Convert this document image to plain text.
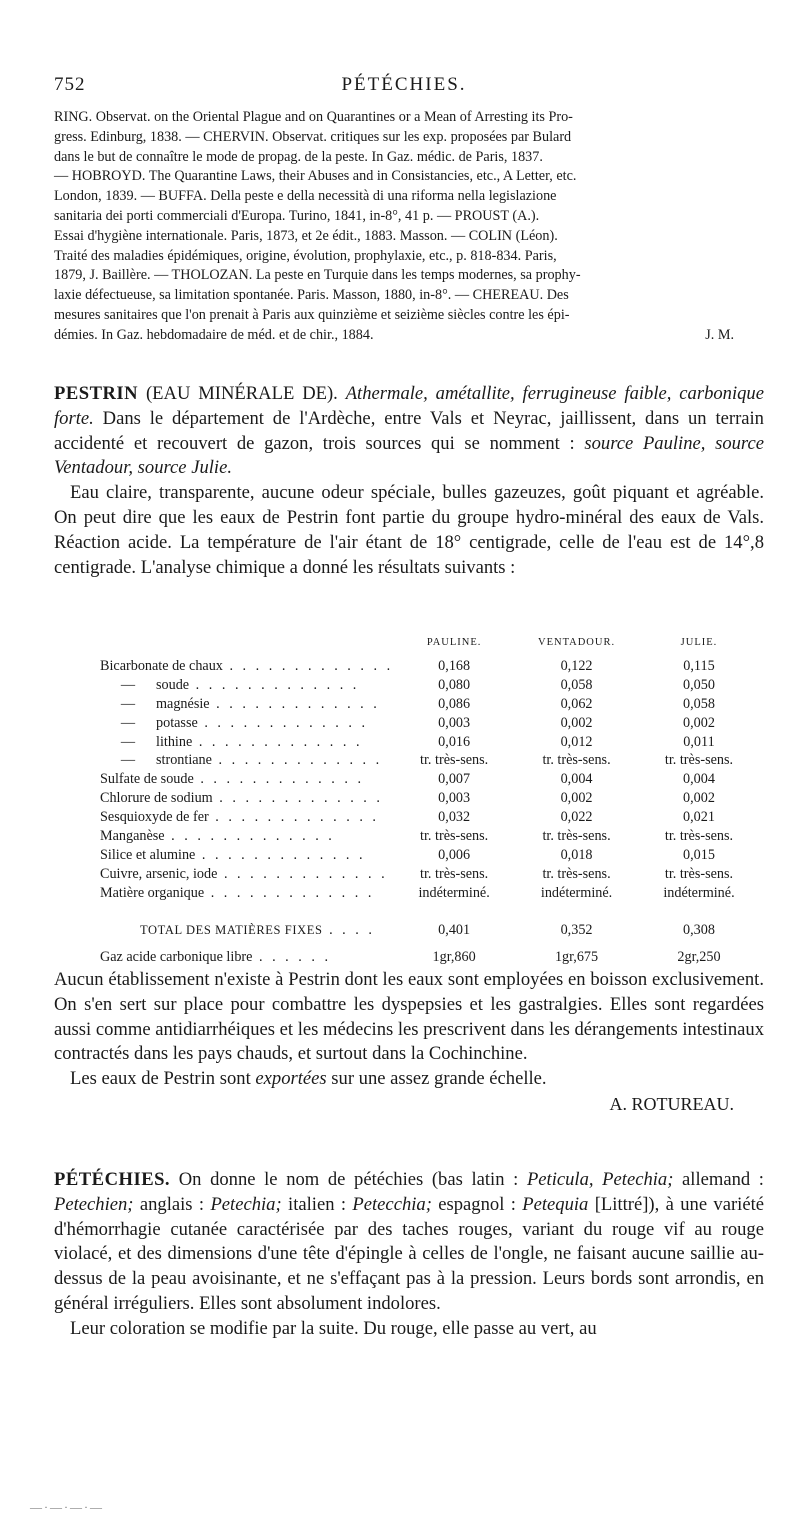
752	PÉTÉCHIES.

RING. Observat. on the Oriental Plague and on Quarantines or a Mean of Arresting its Pro-

gress. Edinburg, 1838. — CHERVIN. Observat. critiques sur les exp. proposées par Bulard

dans le but de connaître le mode de propag. de la peste. In Gaz. médic. de Paris, 1837.

— HOBROYD. The Quarantine Laws, their Abuses and in Consistancies, etc., A Letter, etc.

London, 1839. — BUFFA. Della peste e della necessità di una riforma nella legislazione

sanitaria dei porti commerciali d'Europa. Turino, 1841, in-8°, 41 p. — PROUST (A.).

Essai d'hygiène internationale. Paris, 1873, et 2e édit., 1883. Masson. — COLIN (Léon).

Traité des maladies épidémiques, origine, évolution, prophylaxie, etc., p. 818-834. Paris,

1879, J. Baillère. — THOLOZAN. La peste en Turquie dans les temps modernes, sa prophy-

laxie défectueuse, sa limitation spontanée. Paris. Masson, 1880, in-8°. — CHEREAU. Des

mesures sanitaires que l'on prenait à Paris aux quinzième et seizième siècles contre les épi-

démies. In Gaz. hebdomadaire de méd. et de chir., 1884.	J. M.

PESTRIN (EAU MINÉRALE DE). Athermale, amétallite, ferrugineuse faible, carbonique forte. Dans le département de l'Ardèche, entre Vals et Neyrac, jaillissent, dans un terrain accidenté et recouvert de gazon, trois sources qui se nomment : source Pauline, source Ventadour, source Julie.

Eau claire, transparente, aucune odeur spéciale, bulles gazeuzes, goût piquant et agréable. On peut dire que les eaux de Pestrin font partie du groupe hydro-minéral des eaux de Vals. Réaction acide. La température de l'air étant de 18° centigrade, celle de l'eau est de 14°,8 centigrade. L'analyse chimique a donné les résultats suivants :

	PAULINE.	VENTADOUR.	JULIE.
Bicarbonate de chaux . . . . . . . . . . . . .	0,168	0,122	0,115
— soude . . . . . . . . . . . . .	0,080	0,058	0,050
— magnésie . . . . . . . . . . . . .	0,086	0,062	0,058
— potasse . . . . . . . . . . . . .	0,003	0,002	0,002
— lithine . . . . . . . . . . . . .	0,016	0,012	0,011
— strontiane . . . . . . . . . . . . .	tr. très-sens.	tr. très-sens.	tr. très-sens.
Sulfate de soude . . . . . . . . . . . . .	0,007	0,004	0,004
Chlorure de sodium . . . . . . . . . . . . .	0,003	0,002	0,002
Sesquioxyde de fer . . . . . . . . . . . . .	0,032	0,022	0,021
Manganèse . . . . . . . . . . . . .	tr. très-sens.	tr. très-sens.	tr. très-sens.
Silice et alumine . . . . . . . . . . . . .	0,006	0,018	0,015
Cuivre, arsenic, iode . . . . . . . . . . . . .	tr. très-sens.	tr. très-sens.	tr. très-sens.
Matière organique . . . . . . . . . . . . .	indéterminé.	indéterminé.	indéterminé.

TOTAL DES MATIÈRES FIXES . . . .	0,401	0,352	0,308
Gaz acide carbonique libre . . . . . .	1gr,860	1gr,675	2gr,250

Aucun établissement n'existe à Pestrin dont les eaux sont employées en boisson exclusivement. On s'en sert sur place pour combattre les dyspepsies et les gastralgies. Elles sont regardées aussi comme antidiarrhéiques et les médecins les prescrivent dans les dérangements intestinaux contractés dans les pays chauds, et surtout dans la Cochinchine.

Les eaux de Pestrin sont exportées sur une assez grande échelle.

A. ROTUREAU.

PÉTÉCHIES. On donne le nom de pétéchies (bas latin : Peticula, Petechia; allemand : Petechien; anglais : Petechia; italien : Petecchia; espagnol : Petequia [Littré]), à une variété d'hémorrhagie cutanée caractérisée par des taches rouges, variant du rouge vif au rouge violacé, et des dimensions d'une tête d'épingle à celles de l'ongle, ne faisant aucune saillie au-dessus de la peau avoisinante, et ne s'effaçant pas à la pression. Leurs bords sont arrondis, en général irréguliers. Elles sont absolument indolores.

Leur coloration se modifie par la suite. Du rouge, elle passe au vert, au

—·—·—·—
